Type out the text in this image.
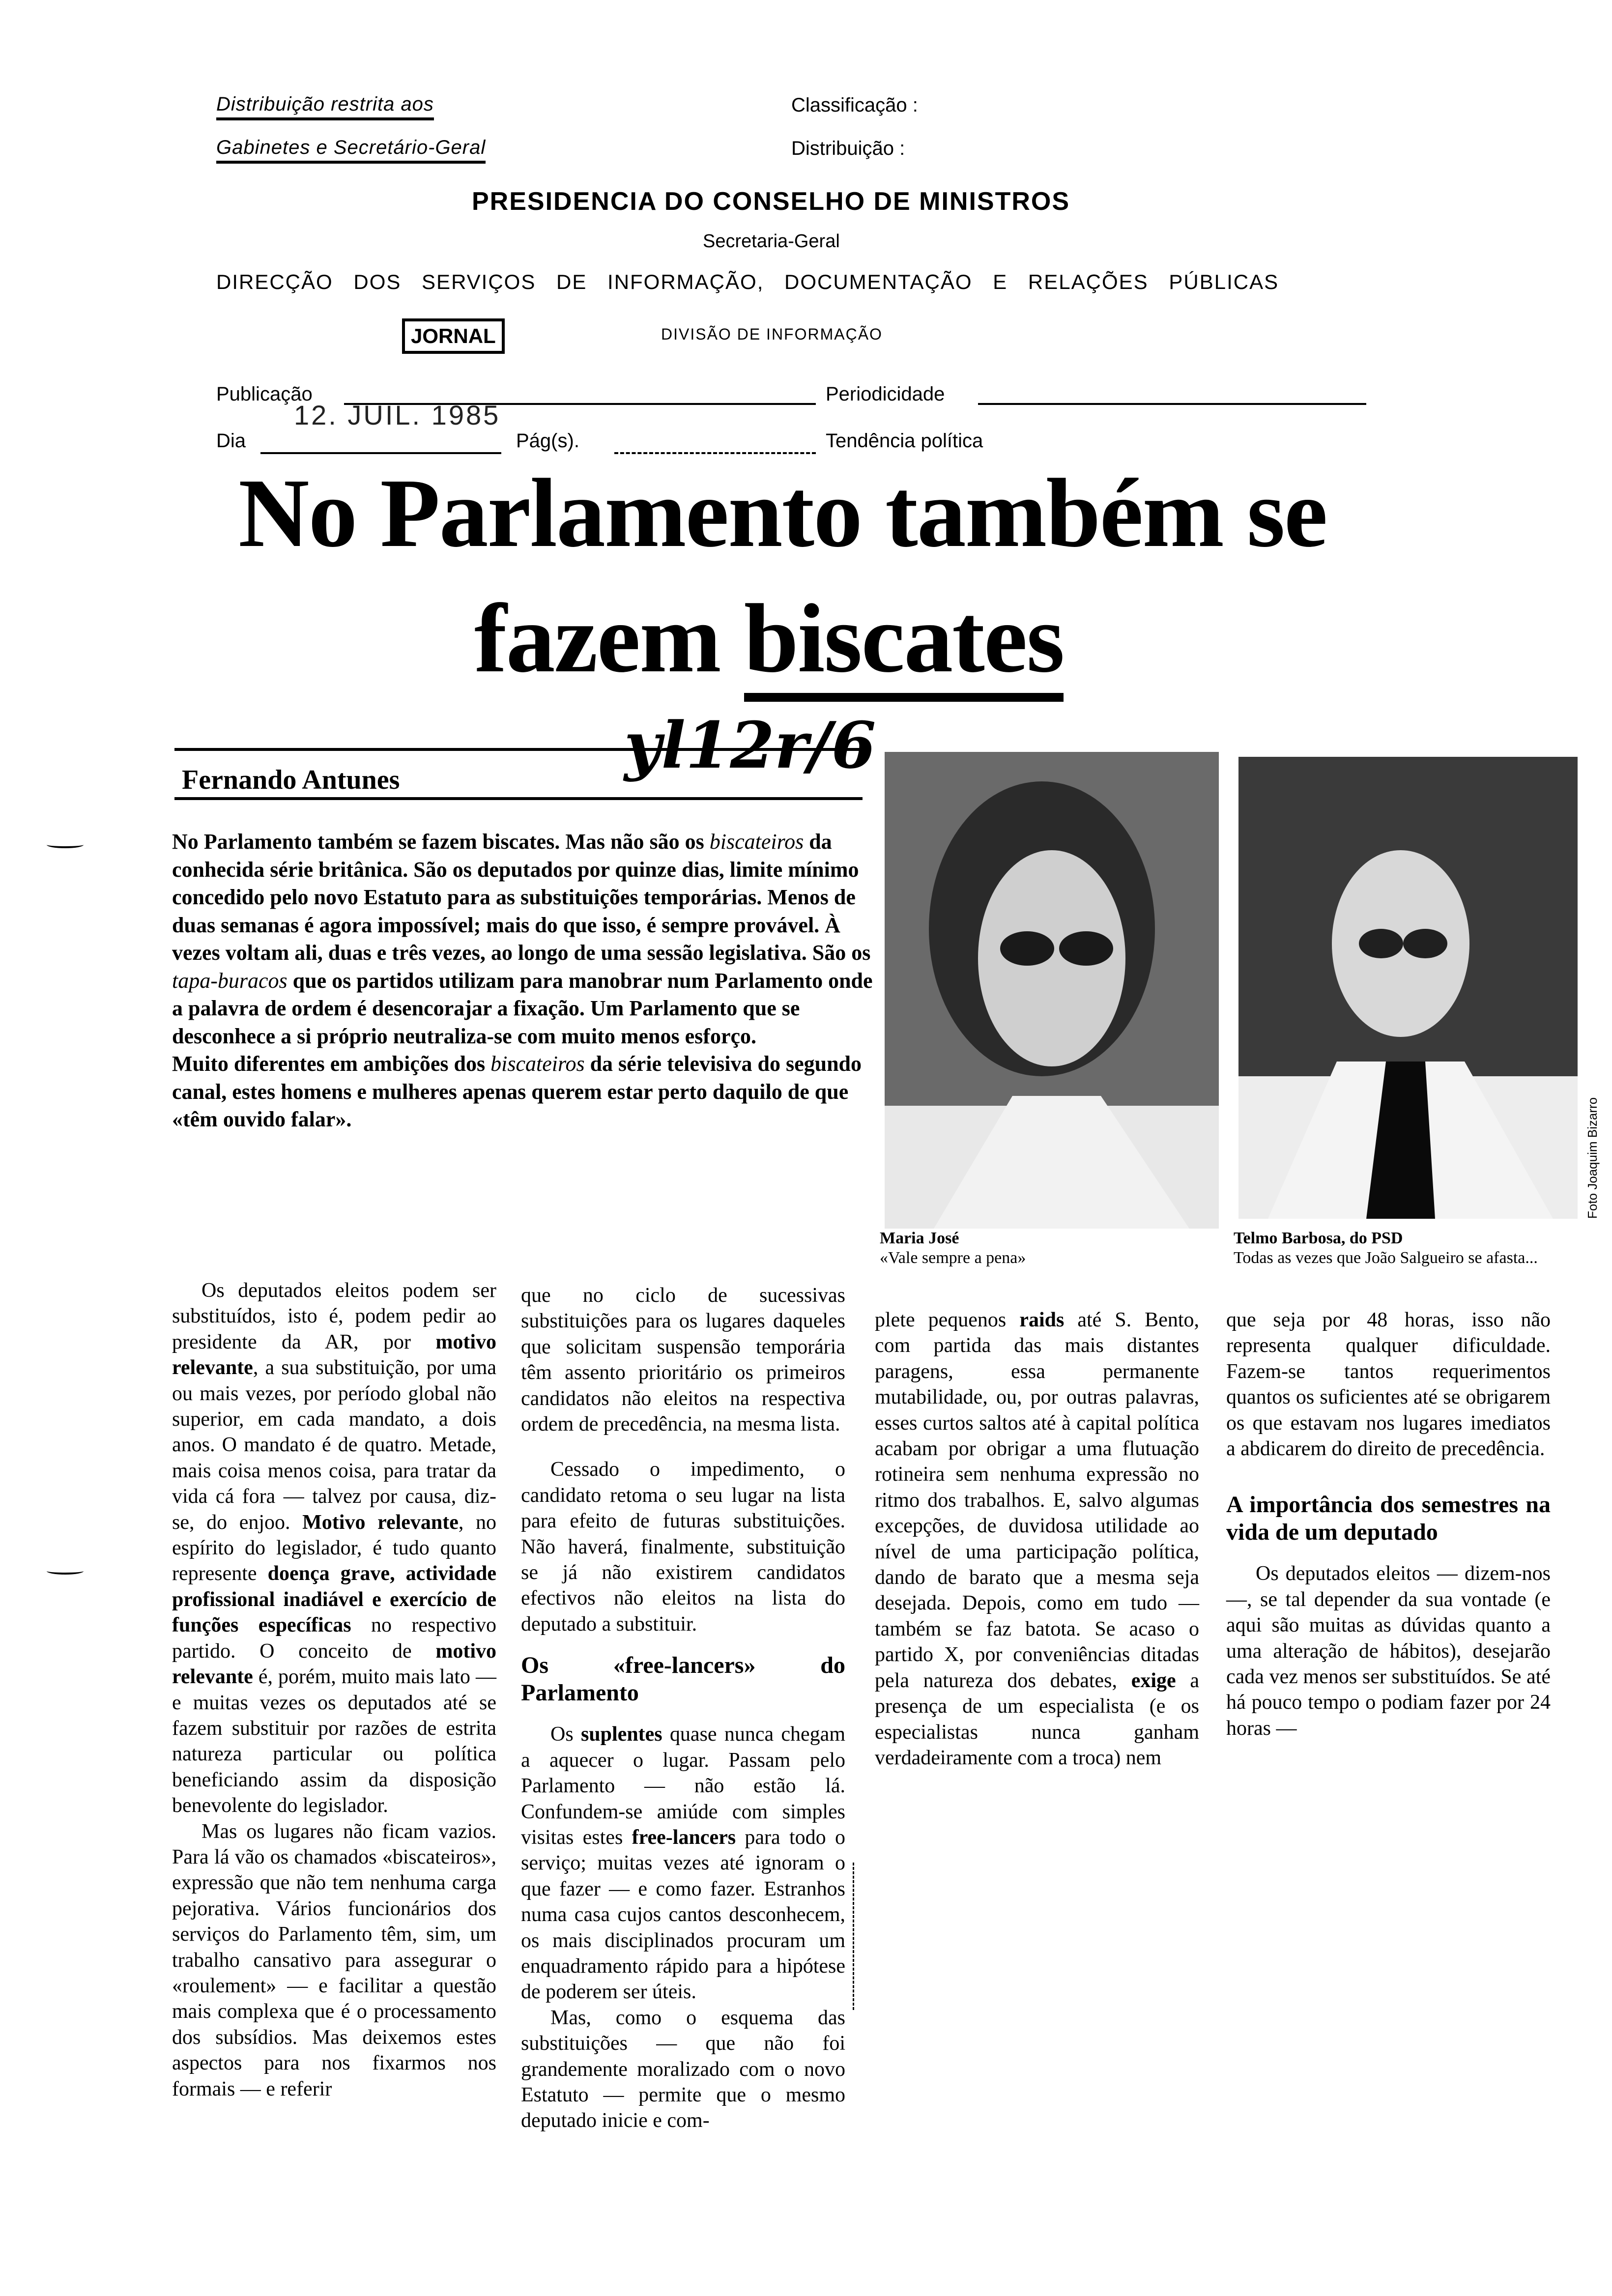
Distribuição restrita aos
Gabinetes e Secretário-Geral
Classificação :
Distribuição :
PRESIDENCIA DO CONSELHO DE MINISTROS
Secretaria-Geral
DIRECÇÃO DOS SERVIÇOS DE INFORMAÇÃO, DOCUMENTAÇÃO E RELAÇÕES PÚBLICAS
JORNAL	DIVISÃO DE INFORMAÇÃO
Publicação	Periodicidade
12. JUIL. 1985
Dia	Pág(s).	Tendência política
No Parlamento também se
fazem biscates
Fernando Antunes	yl12r/6
No Parlamento também se fazem biscates. Mas não são os biscateiros da conhecida série britânica. São os deputados por quinze dias, limite mínimo concedido pelo novo Estatuto para as substituições temporárias. Menos de duas semanas é agora impossível; mais do que isso, é sempre provável. À vezes voltam ali, duas e três vezes, ao longo de uma sessão legislativa. São os tapa-buracos que os partidos utilizam para manobrar num Parlamento onde a palavra de ordem é desencorajar a fixação. Um Parlamento que se desconhece a si próprio neutraliza-se com muito menos esforço.
Muito diferentes em ambições dos biscateiros da série televisiva do segundo canal, estes homens e mulheres apenas querem estar perto daquilo de que «têm ouvido falar».	Foto Joaquim Bizarro
Maria José
«Vale sempre a pena»
Telmo Barbosa, do PSD
Todas as vezes que João Salgueiro se afasta...

Os deputados eleitos podem ser substituídos, isto é, podem pedir ao presidente da AR, por motivo relevante, a sua substituição, por uma ou mais vezes, por período global não superior, em cada mandato, a dois anos. O mandato é de quatro. Metade, mais coisa menos coisa, para tratar da vida cá fora — talvez por causa, diz-se, do enjoo. Motivo relevante, no espírito do legislador, é tudo quanto represente doença grave, actividade profissional inadiável e exercício de funções específicas no respectivo partido. O conceito de motivo relevante é, porém, muito mais lato — e muitas vezes os deputados até se fazem substituir por razões de estrita natureza particular ou política beneficiando assim da disposição benevolente do legislador.

Mas os lugares não ficam vazios. Para lá vão os chamados «biscateiros», expressão que não tem nenhuma carga pejorativa. Vários funcionários dos serviços do Parlamento têm, sim, um trabalho cansativo para assegurar o «roulement» — e facilitar a questão mais complexa que é o processamento dos subsídios. Mas deixemos estes aspectos para nos fixarmos nos formais — e referir

que no ciclo de sucessivas substituições para os lugares daqueles que solicitam suspensão temporária têm assento prioritário os primeiros candidatos não eleitos na respectiva ordem de precedência, na mesma lista.

Cessado o impedimento, o candidato retoma o seu lugar na lista para efeito de futuras substituições. Não haverá, finalmente, substituição se já não existirem candidatos efectivos não eleitos na lista do deputado a substituir.

Os «free-lancers» do Parlamento

Os suplentes quase nunca chegam a aquecer o lugar. Passam pelo Parlamento — não estão lá. Confundem-se amiúde com simples visitas estes free-lancers para todo o serviço; muitas vezes até ignoram o que fazer — e como fazer. Estranhos numa casa cujos cantos desconhecem, os mais disciplinados procuram um enquadramento rápido para a hipótese de poderem ser úteis.

Mas, como o esquema das substituições — que não foi grandemente moralizado com o novo Estatuto — permite que o mesmo deputado inicie e com-

plete pequenos raids até S. Bento, com partida das mais distantes paragens, essa permanente mutabilidade, ou, por outras palavras, esses curtos saltos até à capital política acabam por obrigar a uma flutuação rotineira sem nenhuma expressão no ritmo dos trabalhos. E, salvo algumas excepções, de duvidosa utilidade ao nível de uma participação política, dando de barato que a mesma seja desejada. Depois, como em tudo — também se faz batota. Se acaso o partido X, por conveniências ditadas pela natureza dos debates, exige a presença de um especialista (e os especialistas nunca ganham verdadeiramente com a troca) nem

que seja por 48 horas, isso não representa qualquer dificuldade. Fazem-se tantos requerimentos quantos os suficientes até se obrigarem os que estavam nos lugares imediatos a abdicarem do direito de precedência.

A importância dos semestres na vida de um deputado

Os deputados eleitos — dizem-nos —, se tal depender da sua vontade (e aqui são muitas as dúvidas quanto a uma alteração de hábitos), desejarão cada vez menos ser substituídos. Se até há pouco tempo o podiam fazer por 24 horas —
